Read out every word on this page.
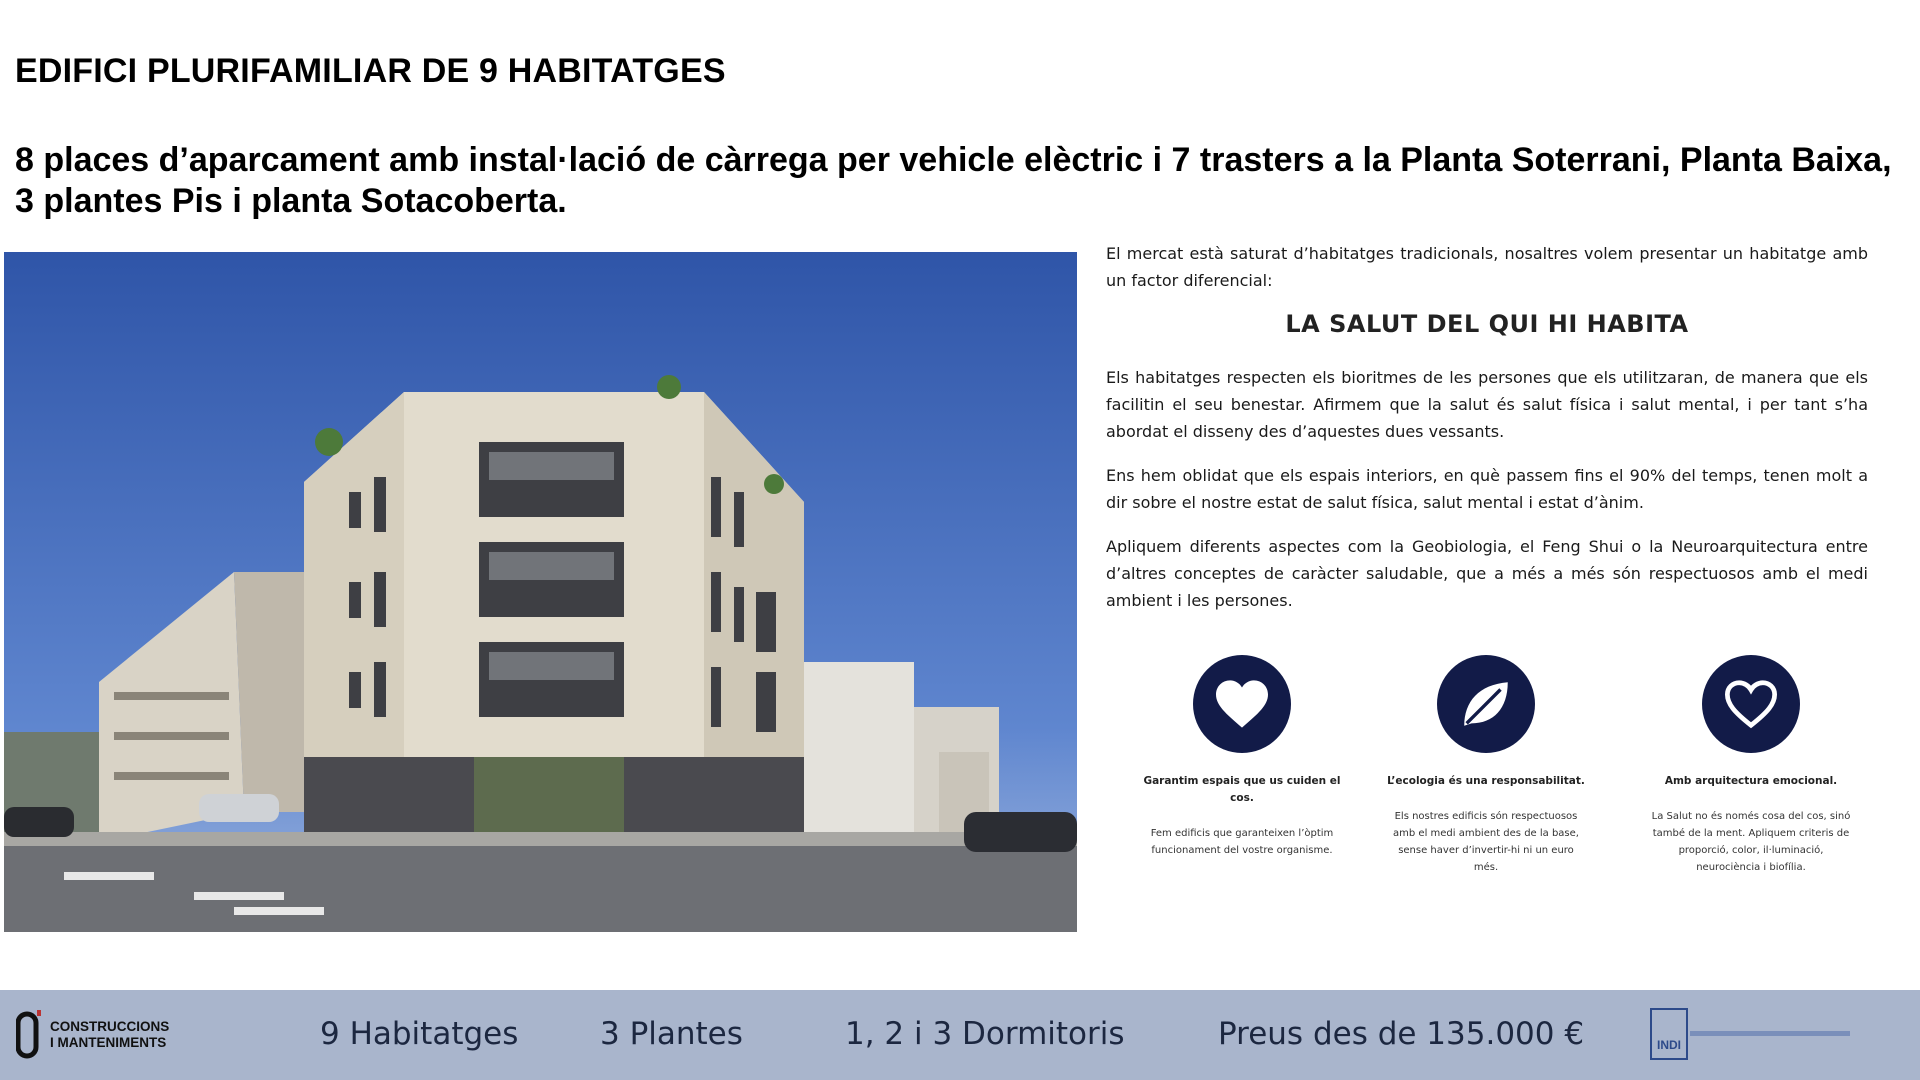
EDIFICI PLURIFAMILIAR DE 9 HABITATGES
8 places d’aparcament amb instal·lació de càrrega per vehicle elèctric i 7 trasters a la Planta Soterrani, Planta Baixa, 3 plantes Pis i planta Sotacoberta.

El mercat està saturat d’habitatges tradicionals, nosaltres volem presentar un habitatge amb un factor diferencial:

LA SALUT DEL QUI HI HABITA

Els habitatges respecten els bioritmes de les persones que els utilitzaran, de manera que els facilitin el seu benestar. Afirmem que la salut és salut física i salut mental, i per tant s’ha abordat el disseny des d’aquestes dues vessants.

Ens hem oblidat que els espais interiors, en què passem fins el 90% del temps, tenen molt a dir sobre el nostre estat de salut física, salut mental i estat d’ànim.

Apliquem diferents aspectes com la Geobiologia, el Feng Shui o la Neuroarquitectura entre d’altres conceptes de caràcter saludable, que a més a més són respectuosos amb el medi ambient i les persones.

Garantim espais que us cuiden el cos.
Fem edificis que garanteixen l’òptim funcionament del vostre organisme.
L’ecologia és una responsabilitat.
Els nostres edificis són respectuosos amb el medi ambient des de la base, sense haver d’invertir-hi ni un euro més.
Amb arquitectura emocional.
La Salut no és només cosa del cos, sinó també de la ment. Apliquem criteris de proporció, color, il·luminació, neurociència i biofília.
CONSTRUCCIONS
I MANTENIMENTS	9 Habitatges	3 Plantes	1, 2 i 3 Dormitoris	Preus des de 135.000 €	INDI
